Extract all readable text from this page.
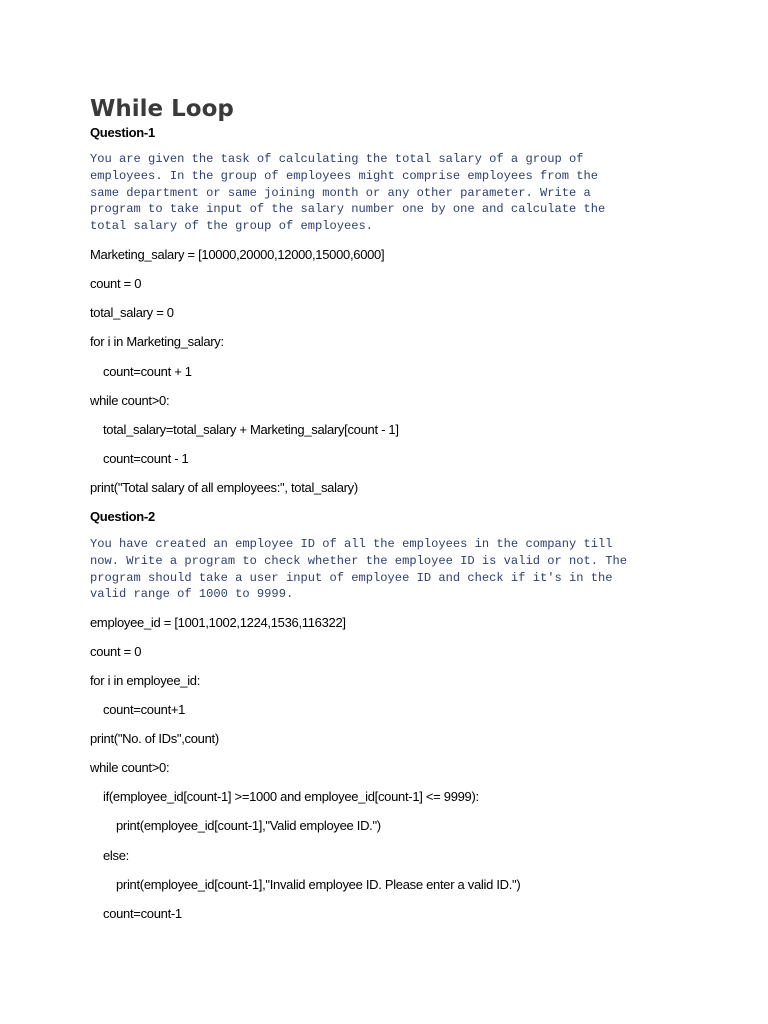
While Loop
Question-1
You are given the task of calculating the total salary of a group of
employees. In the group of employees might comprise employees from the
same department or same joining month or any other parameter. Write a
program to take input of the salary number one by one and calculate the
total salary of the group of employees.
Marketing_salary = [10000,20000,12000,15000,6000]
count = 0
total_salary = 0
for i in Marketing_salary:
count=count + 1
while count>0:
total_salary=total_salary + Marketing_salary[count - 1]
count=count - 1
print("Total salary of all employees:", total_salary)
Question-2
You have created an employee ID of all the employees in the company till
now. Write a program to check whether the employee ID is valid or not. The
program should take a user input of employee ID and check if it's in the
valid range of 1000 to 9999.
employee_id = [1001,1002,1224,1536,116322]
count = 0
for i in employee_id:
count=count+1
print("No. of IDs",count)
while count>0:
if(employee_id[count-1] >=1000 and employee_id[count-1] <= 9999):
print(employee_id[count-1],"Valid employee ID.")
else:
print(employee_id[count-1],"Invalid employee ID. Please enter a valid ID.")
count=count-1
